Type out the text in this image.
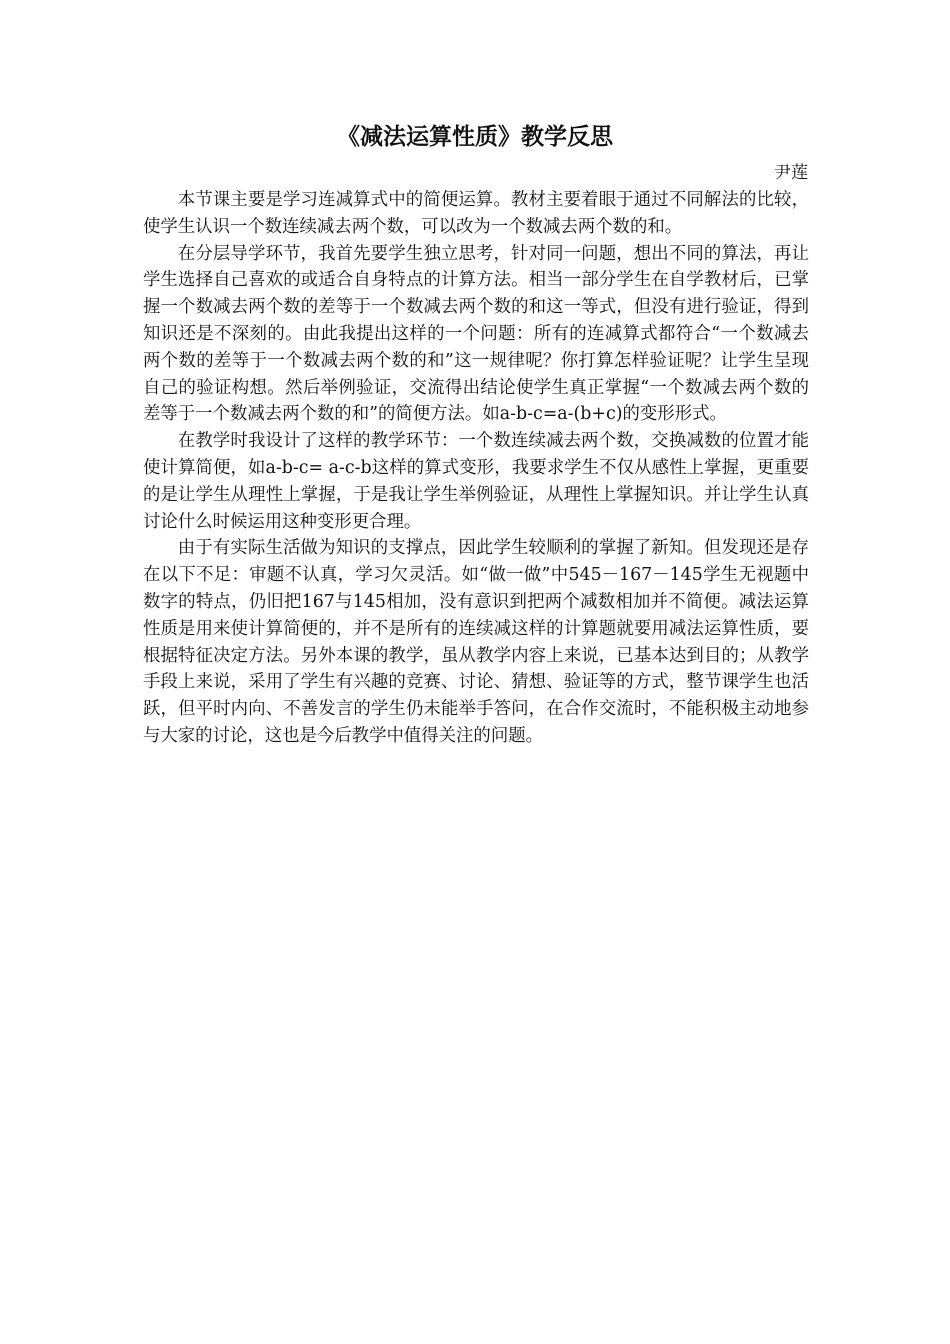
《减法运算性质》教学反思
尹莲

本节课主要是学习连减算式中的简便运算。教材主要着眼于通过不同解法的比较，使学生认识一个数连续减去两个数，可以改为一个数减去两个数的和。

在分层导学环节，我首先要学生独立思考，针对同一问题，想出不同的算法，再让学生选择自己喜欢的或适合自身特点的计算方法。相当一部分学生在自学教材后，已掌握一个数减去两个数的差等于一个数减去两个数的和这一等式，但没有进行验证，得到知识还是不深刻的。由此我提出这样的一个问题：所有的连减算式都符合“一个数减去两个数的差等于一个数减去两个数的和”这一规律呢？你打算怎样验证呢？让学生呈现自己的验证构想。然后举例验证，交流得出结论使学生真正掌握“一个数减去两个数的差等于一个数减去两个数的和”的简便方法。如a-b-c=a-(b+c)的变形形式。

在教学时我设计了这样的教学环节：一个数连续减去两个数，交换减数的位置才能使计算简便，如a-b-c= a-c-b这样的算式变形，我要求学生不仅从感性上掌握，更重要的是让学生从理性上掌握，于是我让学生举例验证，从理性上掌握知识。并让学生认真讨论什么时候运用这种变形更合理。

由于有实际生活做为知识的支撑点，因此学生较顺利的掌握了新知。但发现还是存在以下不足：审题不认真，学习欠灵活。如“做一做”中545－167－145学生无视题中数字的特点，仍旧把167与145相加，没有意识到把两个减数相加并不简便。减法运算性质是用来使计算简便的，并不是所有的连续减这样的计算题就要用减法运算性质，要根据特征决定方法。另外本课的教学，虽从教学内容上来说，已基本达到目的；从教学手段上来说，采用了学生有兴趣的竞赛、讨论、猜想、验证等的方式，整节课学生也活跃，但平时内向、不善发言的学生仍未能举手答问，在合作交流时，不能积极主动地参与大家的讨论，这也是今后教学中值得关注的问题。
